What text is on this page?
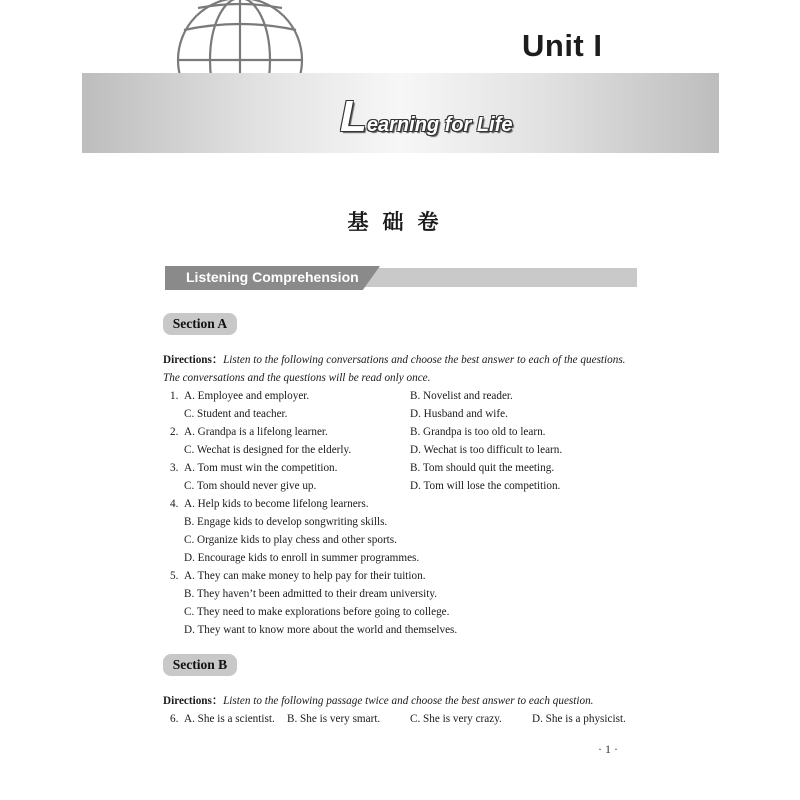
Unit I
Learning for Life
基础卷
Listening Comprehension
Section A
Directions：Listen to the following conversations and choose the best answer to each of the questions.
The conversations and the questions will be read only once.
1. A. Employee and employer.	B. Novelist and reader.
C. Student and teacher.	D. Husband and wife.
2. A. Grandpa is a lifelong learner.	B. Grandpa is too old to learn.
C. Wechat is designed for the elderly.	D. Wechat is too difficult to learn.
3. A. Tom must win the competition.	B. Tom should quit the meeting.
C. Tom should never give up.	D. Tom will lose the competition.
4. A. Help kids to become lifelong learners.
B. Engage kids to develop songwriting skills.
C. Organize kids to play chess and other sports.
D. Encourage kids to enroll in summer programmes.
5. A. They can make money to help pay for their tuition.
B. They haven’t been admitted to their dream university.
C. They need to make explorations before going to college.
D. They want to know more about the world and themselves.
Section B
Directions：Listen to the following passage twice and choose the best answer to each question.
6. A. She is a scientist. B. She is very smart.	C. She is very crazy.	D. She is a physicist.
· 1 ·
